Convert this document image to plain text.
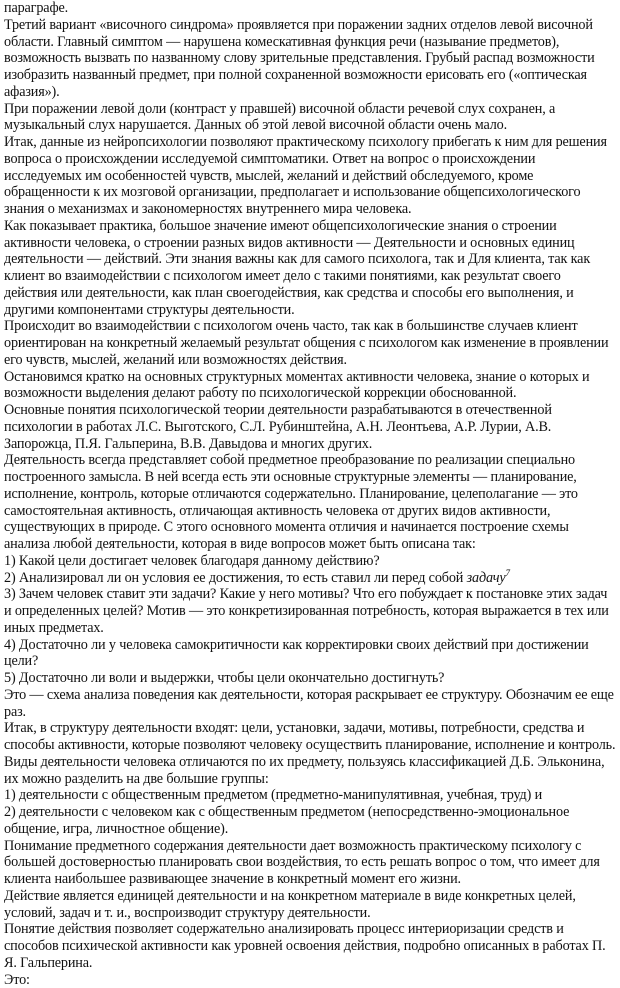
параграфе.

Третий вариант «височного синдрома» проявляется при поражении задних отделов левой височной области. Главный симптом — нарушена комескативная функция речи (называние предметов), возможность вызвать по названному слову зрительные представления. Грубый распад возможности изобразить названный предмет, при полной сохраненной возможности ерисовать его («оптическая афазия»).

При поражении левой доли (контраст у правшей) височной области речевой слух сохранен, а музыкальный слух нарушается. Данных об этой левой височной области очень мало.

Итак, данные из нейропсихологии позволяют практическому психологу прибегать к ним для решения вопроса о происхождении исследуемой симптоматики. Ответ на вопрос о происхождении исследуемых им особенностей чувств, мыслей, желаний и действий обследуемого, кроме обращенности к их мозговой организации, предполагает и использование общепсихологического знания о механизмах и закономерностях внутреннего мира человека.

Как показывает практика, большое значение имеют общепсихологические знания о строении активности человека, о строении разных видов активности — Деятельности и основных единиц деятельности — действий. Эти знания важны как для самого психолога, так и Для клиента, так как клиент во взаимодействии с психологом имеет дело с такими понятиями, как результат своего действия или деятельности, как план своегодействия, как средства и способы его выполнения, и другими компонентами структуры деятельности.

Происходит во взаимодействии с психологом очень часто, так как в большинстве случаев клиент ориентирован на конкретный желаемый результат общения с психологом как изменение в проявлении его чувств, мыслей, желаний или возможностях действия.

Остановимся кратко на основных структурных моментах активности человека, знание о которых и возможности выделения делают работу по психологической коррекции обоснованной.

Основные понятия психологической теории деятельности разрабатываются в отечественной психологии в работах Л.С. Выготского, С.Л. Рубинштейна, А.Н. Леонтьева, А.Р. Лурии, А.В. Запорожца, П.Я. Гальперина, В.В. Давыдова и многих других.

Деятельность всегда представляет собой предметное преобразование по реализации специально построенного замысла. В ней всегда есть эти основные структурные элементы — планирование, исполнение, контроль, которые отличаются содержательно. Планирование, целеполагание — это самостоятельная активность, отличающая активность человека от других видов активности, существующих в природе. С этого основного момента отличия и начинается построение схемы анализа любой деятельности, которая в виде вопросов может быть описана так:

1) Какой цели достигает человек благодаря данному действию?

2) Анализировал ли он условия ее достижения, то есть ставил ли перед собой задачу$^7$

3) Зачем человек ставит эти задачи? Какие у него мотивы? Что его побуждает к постановке этих задач и определенных целей? Мотив — это конкретизированная потребность, которая выражается в тех или иных предметах.

4) Достаточно ли у человека самокритичности как корректировки своих действий при достижении цели?

5) Достаточно ли воли и выдержки, чтобы цели окончательно достигнуть?

Это — схема анализа поведения как деятельности, которая раскрывает ее структуру. Обозначим ее еще раз.

Итак, в структуру деятельности входят: цели, установки, задачи, мотивы, потребности, средства и способы активности, которые позволяют человеку осуществить планирование, исполнение и контроль.

Виды деятельности человека отличаются по их предмету, пользуясь классификацией Д.Б. Эльконина, их можно разделить на две большие группы:

1) деятельности с общественным предметом (предметно-манипулятивная, учебная, труд) и

2) деятельности с человеком как с общественным предметом (непосредственно-эмоциональное общение, игра, личностное общение).

Понимание предметного содержания деятельности дает возможность практическому психологу с большей достоверностью планировать свои воздействия, то есть решать вопрос о том, что имеет для клиента наибольшее развивающее значение в конкретный момент его жизни.

Действие является единицей деятельности и на конкретном материале в виде конкретных целей, условий, задач и т. и., воспроизводит структуру деятельности.

Понятие действия позволяет содержательно анализировать процесс интериоризации средств и способов психической активности как уровней освоения действия, подробно описанных в работах П. Я. Гальперина.

Это:
